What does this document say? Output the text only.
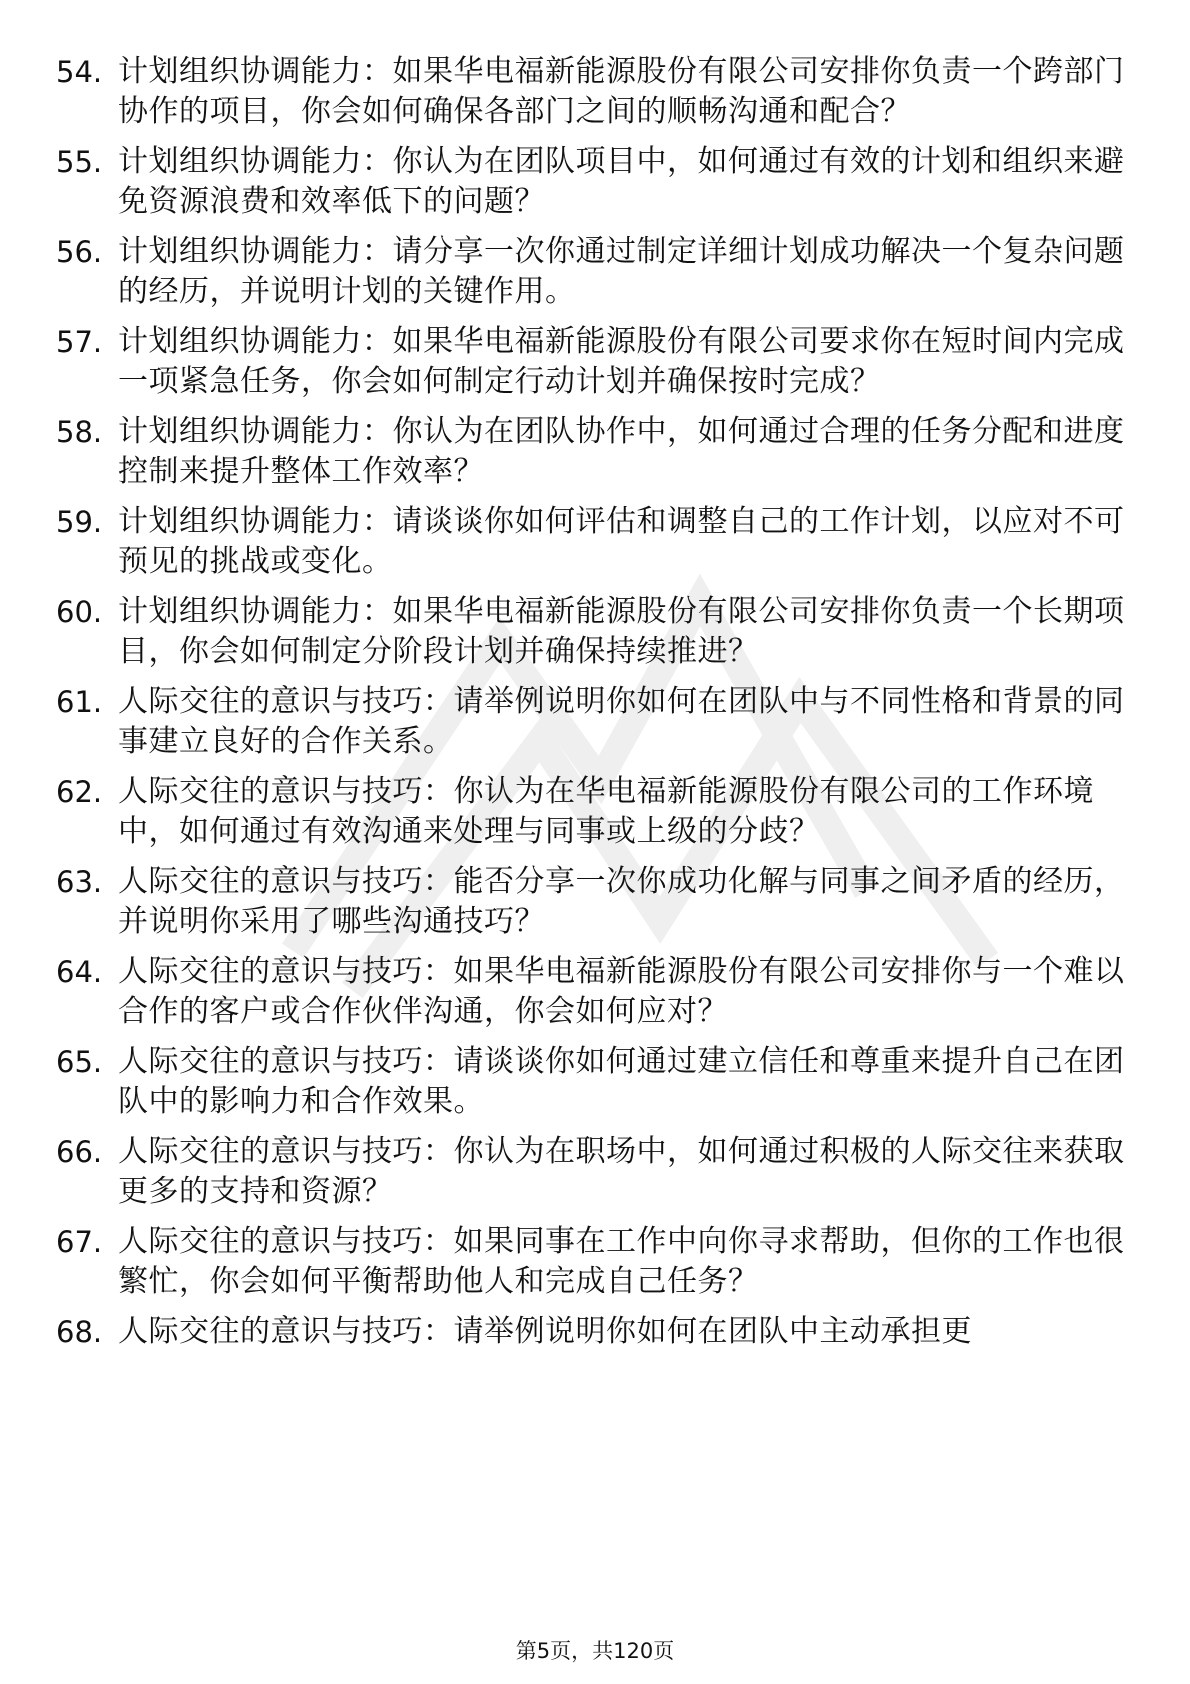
54. 计划组织协调能力：如果华电福新能源股份有限公司安排你负责一个跨部门协作的项目，你会如何确保各部门之间的顺畅沟通和配合？
55. 计划组织协调能力：你认为在团队项目中，如何通过有效的计划和组织来避免资源浪费和效率低下的问题？
56. 计划组织协调能力：请分享一次你通过制定详细计划成功解决一个复杂问题的经历，并说明计划的关键作用。
57. 计划组织协调能力：如果华电福新能源股份有限公司要求你在短时间内完成一项紧急任务，你会如何制定行动计划并确保按时完成？
58. 计划组织协调能力：你认为在团队协作中，如何通过合理的任务分配和进度控制来提升整体工作效率？
59. 计划组织协调能力：请谈谈你如何评估和调整自己的工作计划，以应对不可预见的挑战或变化。
60. 计划组织协调能力：如果华电福新能源股份有限公司安排你负责一个长期项目，你会如何制定分阶段计划并确保持续推进？
61. 人际交往的意识与技巧：请举例说明你如何在团队中与不同性格和背景的同事建立良好的合作关系。
62. 人际交往的意识与技巧：你认为在华电福新能源股份有限公司的工作环境中，如何通过有效沟通来处理与同事或上级的分歧？
63. 人际交往的意识与技巧：能否分享一次你成功化解与同事之间矛盾的经历，并说明你采用了哪些沟通技巧？
64. 人际交往的意识与技巧：如果华电福新能源股份有限公司安排你与一个难以合作的客户或合作伙伴沟通，你会如何应对？
65. 人际交往的意识与技巧：请谈谈你如何通过建立信任和尊重来提升自己在团队中的影响力和合作效果。
66. 人际交往的意识与技巧：你认为在职场中，如何通过积极的人际交往来获取更多的支持和资源？
67. 人际交往的意识与技巧：如果同事在工作中向你寻求帮助，但你的工作也很繁忙，你会如何平衡帮助他人和完成自己任务？
68. 人际交往的意识与技巧：请举例说明你如何在团队中主动承担更
第5页，共120页
